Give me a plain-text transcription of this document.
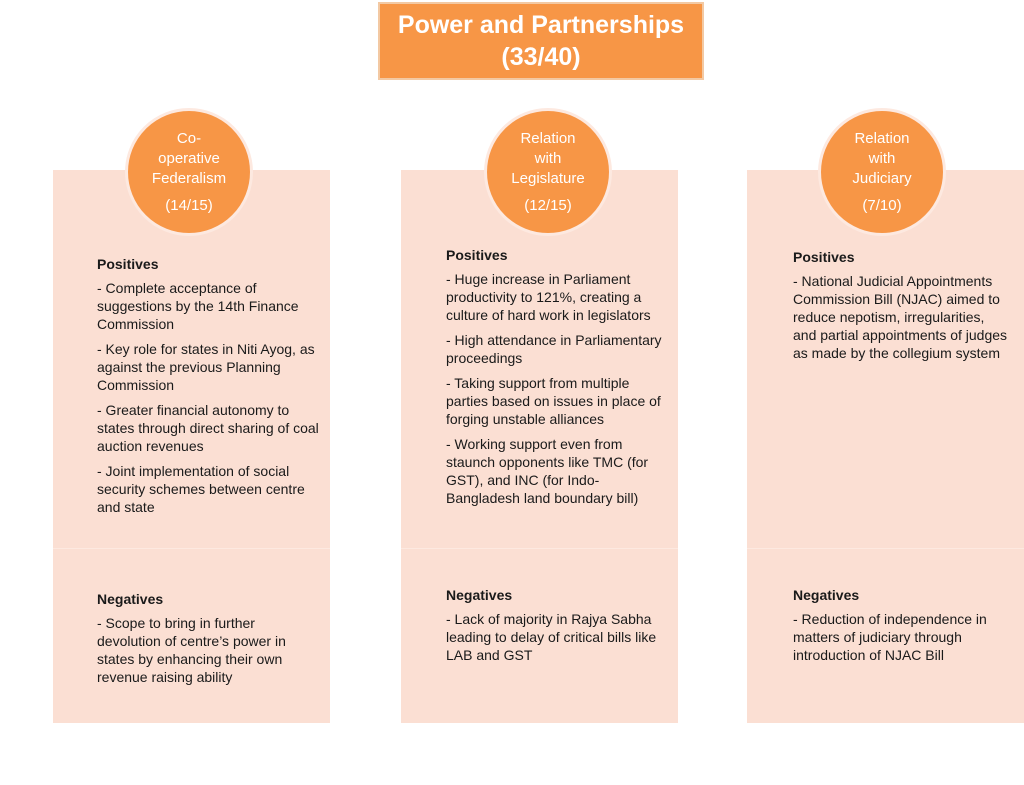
Power and Partnerships
(33/40)
Co-
operative
Federalism
(14/15)
Positives
- Complete acceptance of suggestions by the 14th Finance Commission
- Key role for states in Niti Ayog, as against the previous Planning Commission
- Greater financial autonomy to states through direct sharing of coal auction revenues
- Joint implementation of social security schemes between centre and state
Negatives
- Scope to bring in further devolution of centre’s power in states by enhancing their own revenue raising ability
Relation
with
Legislature
(12/15)
Positives
- Huge increase in Parliament productivity to 121%, creating a culture of hard work in legislators
- High attendance in Parliamentary proceedings
- Taking support from multiple parties based on issues in place of forging unstable alliances
- Working support even from staunch opponents like TMC (for GST), and INC (for Indo-Bangladesh land boundary bill)
Negatives
- Lack of majority in Rajya Sabha leading to delay of critical bills like LAB and GST
Relation
with
Judiciary
(7/10)
Positives
- National Judicial Appointments Commission Bill (NJAC) aimed to reduce nepotism, irregularities, and partial appointments of judges as made by the collegium system
Negatives
- Reduction of independence in matters of judiciary through introduction of NJAC Bill
